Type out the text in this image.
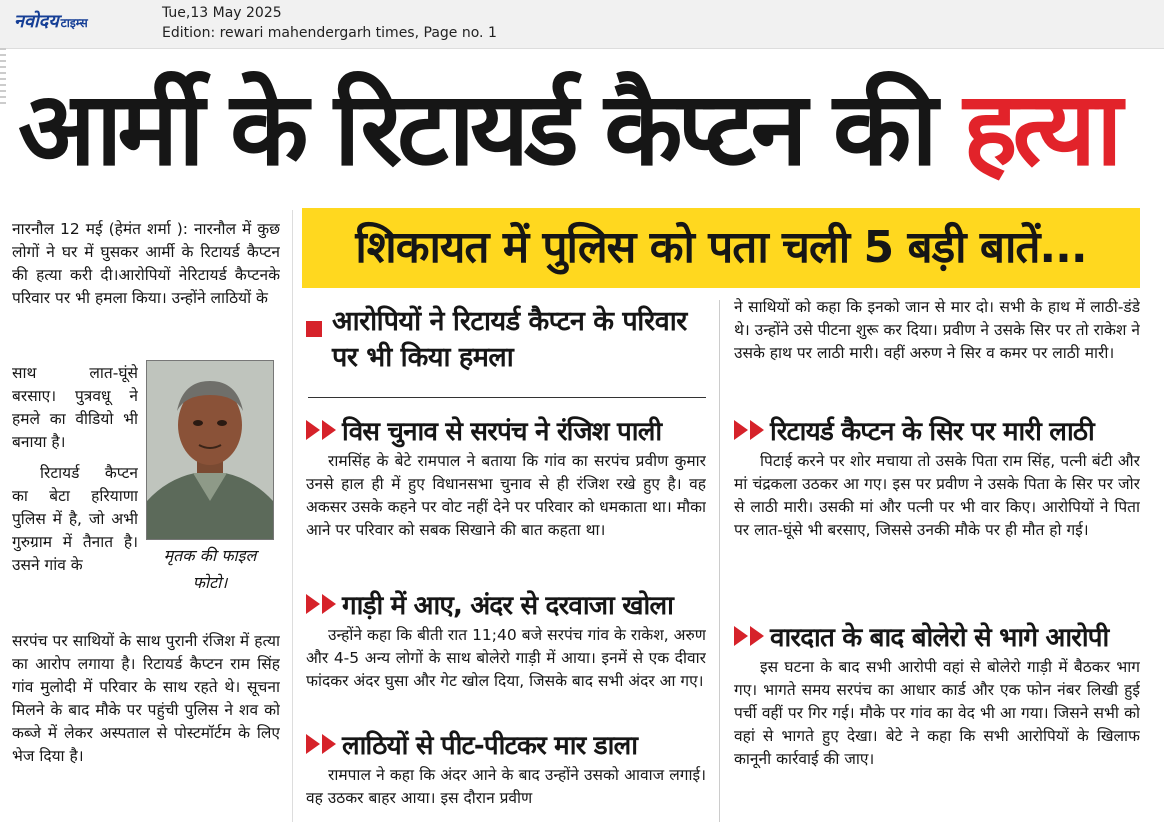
नवोदय टाइम्स
Tue,13 May 2025
Edition: rewari mahendergarh times, Page no. 1
आर्मी के रिटायर्ड कैप्टन की हत्या
शिकायत में पुलिस को पता चली 5 बड़ी बातें...

नारनौल 12 मई (हेमंत शर्मा ): नारनौल में कुछ लोगों ने घर में घुसकर आर्मी के रिटायर्ड कैप्टन की हत्या करी दी।आरोपियों नेरिटायर्ड कैप्टनके परिवार पर भी हमला किया। उन्होंने लाठियों के

साथ लात-घूंसे बरसाए। पुत्रवधू ने हमले का वीडियो भी बनाया है।

रिटायर्ड कैप्टन का बेटा हरियाणा पुलिस में है, जो अभी गुरुग्राम में तैनात है। उसने गांव के

सरपंच पर साथियों के साथ पुरानी रंजिश में हत्या का आरोप लगाया है। रिटायर्ड कैप्टन राम सिंह गांव मुलोदी में परिवार के साथ रहते थे। सूचना मिलने के बाद मौके पर पहुंची पुलिस ने शव को कब्जे में लेकर अस्पताल से पोस्टमॉर्टम के लिए भेज दिया है।

मृतक की फाइल फोटो।
आरोपियों ने रिटायर्ड कैप्टन के परिवार पर भी किया हमला
विस चुनाव से सरपंच ने रंजिश पाली

रामसिंह के बेटे रामपाल ने बताया कि गांव का सरपंच प्रवीण कुमार उनसे हाल ही में हुए विधानसभा चुनाव से ही रंजिश रखे हुए है। वह अकसर उसके कहने पर वोट नहीं देने पर परिवार को धमकाता था। मौका आने पर परिवार को सबक सिखाने की बात कहता था।

गाड़ी में आए, अंदर से दरवाजा खोला

उन्होंने कहा कि बीती रात 11;40 बजे सरपंच गांव के राकेश, अरुण और 4-5 अन्य लोगों के साथ बोलेरो गाड़ी में आया। इनमें से एक दीवार फांदकर अंदर घुसा और गेट खोल दिया, जिसके बाद सभी अंदर आ गए।

लाठियों से पीट-पीटकर मार डाला

रामपाल ने कहा कि अंदर आने के बाद उन्होंने उसको आवाज लगाई। वह उठकर बाहर आया। इस दौरान प्रवीण

ने साथियों को कहा कि इनको जान से मार दो। सभी के हाथ में लाठी-डंडे थे। उन्होंने उसे पीटना शुरू कर दिया। प्रवीण ने उसके सिर पर तो राकेश ने उसके हाथ पर लाठी मारी। वहीं अरुण ने सिर व कमर पर लाठी मारी।

रिटायर्ड कैप्टन के सिर पर मारी लाठी

पिटाई करने पर शोर मचाया तो उसके पिता राम सिंह, पत्नी बंटी और मां चंद्रकला उठकर आ गए। इस पर प्रवीण ने उसके पिता के सिर पर जोर से लाठी मारी। उसकी मां और पत्नी पर भी वार किए। आरोपियों ने पिता पर लात-घूंसे भी बरसाए, जिससे उनकी मौके पर ही मौत हो गई।

वारदात के बाद बोलेरो से भागे आरोपी

इस घटना के बाद सभी आरोपी वहां से बोलेरो गाड़ी में बैठकर भाग गए। भागते समय सरपंच का आधार कार्ड और एक फोन नंबर लिखी हुई पर्ची वहीं पर गिर गई। मौके पर गांव का वेद भी आ गया। जिसने सभी को वहां से भागते हुए देखा। बेटे ने कहा कि सभी आरोपियों के खिलाफ कानूनी कार्रवाई की जाए।
